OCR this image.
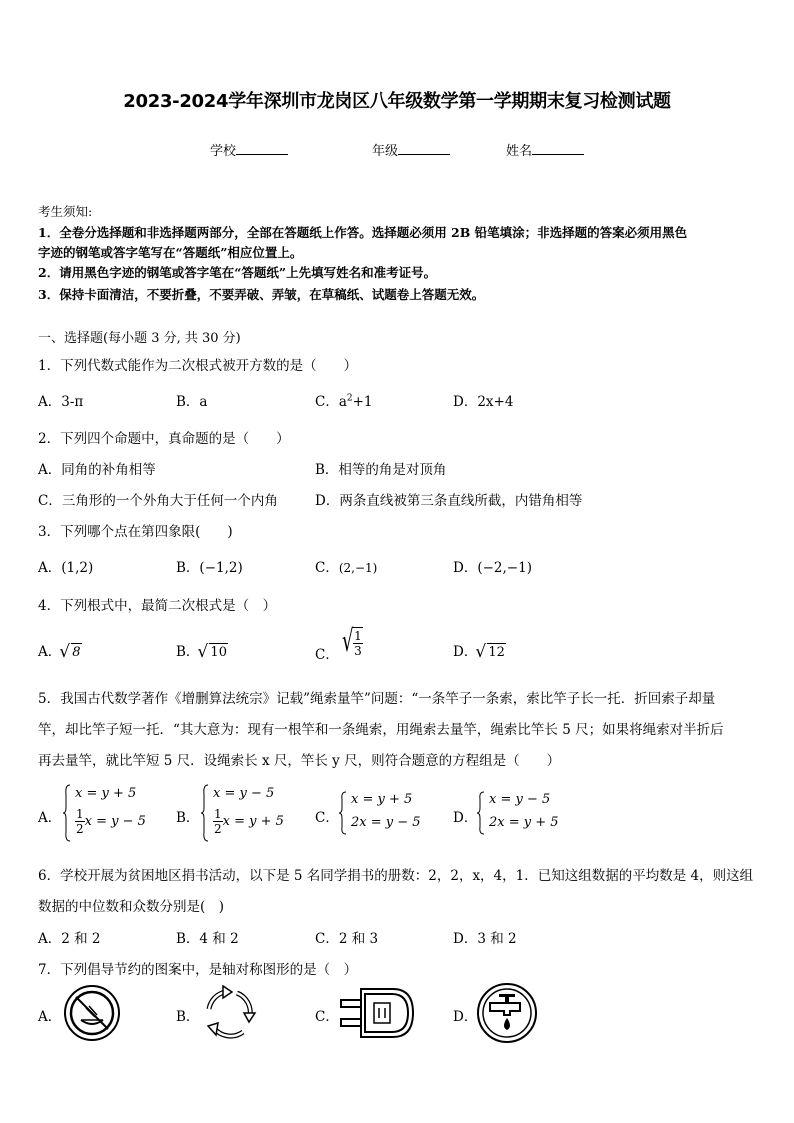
2023-2024学年深圳市龙岗区八年级数学第一学期期末复习检测试题
学校	年级	姓名
考生须知:
1．全卷分选择题和非选择题两部分，全部在答题纸上作答。选择题必须用 2B 铅笔填涂；非选择题的答案必须用黑色
字迹的钢笔或答字笔写在“答题纸”相应位置上。
2．请用黑色字迹的钢笔或答字笔在“答题纸”上先填写姓名和准考证号。
3．保持卡面清洁，不要折叠，不要弄破、弄皱，在草稿纸、试题卷上答题无效。
一、选择题(每小题 3 分, 共 30 分)
1．下列代数式能作为二次根式被开方数的是（　　）
A．3-π	B．a	C．$a^2+1$	D．2x+4
2．下列四个命题中，真命题的是（　　）
A．同角的补角相等	B．相等的角是对顶角
C．三角形的一个外角大于任何一个内角	D．两条直线被第三条直线所截，内错角相等
3．下列哪个点在第四象限(　　)
A．(1,2)	B．(−1,2)	C．(2,−1)	D．(−2,−1)
4．下列根式中，最简二次根式是（　）
A． √ 8	B． √ 10	C． √ $\frac{1}{3}$	D． √ 12
5．我国古代数学著作《增删算法统宗》记载”绳索量竿”问题：“一条竿子一条索，索比竿子长一托．折回索子却量
竿，却比竿子短一托．“其大意为：现有一根竿和一条绳索，用绳索去量竿，绳索比竿长 5 尺；如果将绳索对半折后
再去量竿，就比竿短 5 尺．设绳索长 x 尺，竿长 y 尺，则符合题意的方程组是（　　）
A．
x = y + 5
$\frac{1}{2}$ x = y − 5 B．
x = y − 5
$\frac{1}{2}$ x = y + 5 C．
x = y + 5
2x = y − 5 D．
x = y − 5
2x = y + 5
6．学校开展为贫困地区捐书活动，以下是 5 名同学捐书的册数：2，2，x，4，1．已知这组数据的平均数是 4，则这组
数据的中位数和众数分别是(　)
A．2 和 2	B．4 和 2	C．2 和 3	D．3 和 2
7．下列倡导节约的图案中，是轴对称图形的是（　）
A．	B．	C．	D．
